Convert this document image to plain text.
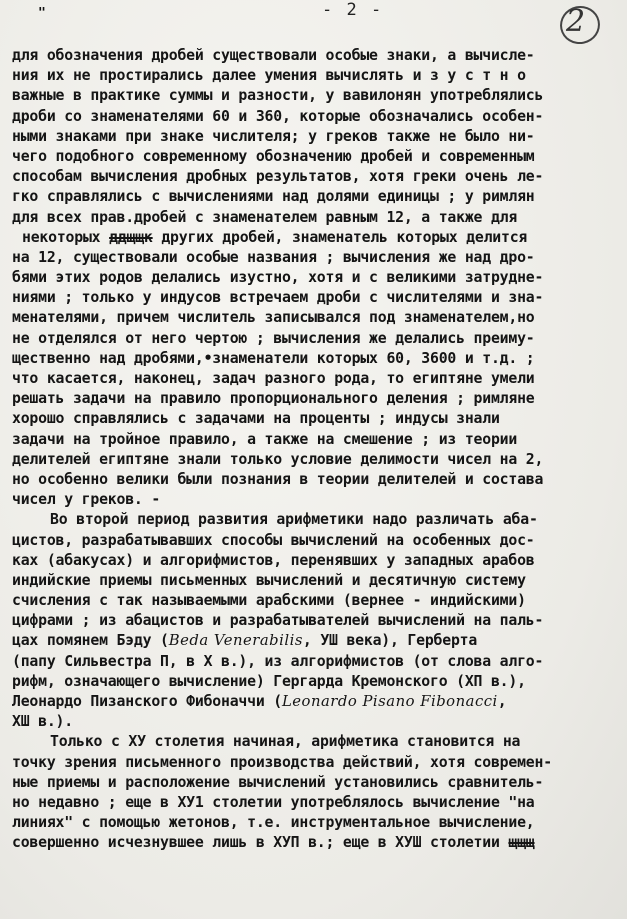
"	- 2 -	2
для обозначения дробей существовали особые знаки, а вычисле-
ния их не простирались далее умения вычислять и з у с т н о
важные в практике суммы и разности, у вавилонян употреблялись
дроби со знаменателями 60 и 360, которые обозначались особен-
ными знаками при знаке числителя; у греков также не было ни-
чего подобного современному обозначению дробей и современным
способам вычисления дробных результатов, хотя греки очень ле-
гко справлялись с вычислениями над долями единицы ; у римлян
для всех прав.дробей с знаменателем равным 12, а также для
некоторых ддщщк других дробей, знаменатель которых делится
на 12, существовали особые названия ; вычисления же над дро-
бями этих родов делались изустно, хотя и с великими затрудне-
ниями ; только у индусов встречаем дроби с числителями и зна-
менателями, причем числитель записывался под знаменателем,но
не отделялся от него чертою ; вычисления же делались преиму-
щественно над дробями,•знаменатели которых 60, 3600 и т.д. ;
что касается, наконец, задач разного рода, то египтяне умели
решать задачи на правило пропорционального деления ; римляне
хорошо справлялись с задачами на проценты ; индусы знали
задачи на тройное правило, а также на смешение ; из теории
делителей египтяне знали только условие делимости чисел на 2,
но особенно велики были познания в теории делителей и состава
чисел у греков. -
Во второй период развития арифметики надо различать аба-
цистов, разрабатывавших способы вычислений на особенных дос-
ках (абакусах) и алгорифмистов, перенявших у западных арабов
индийские приемы письменных вычислений и десятичную систему
счисления с так называемыми арабскими (вернее - индийскими)
цифрами ; из абацистов и разрабатывателей вычислений на паль-
цах помянем Бэду (Beda Venerabilis, УШ века), Герберта
(папу Сильвестра П, в X в.), из алгорифмистов (от слова алго-
рифм, означающего вычисление) Гергарда Кремонского (ХП в.),
Леонардо Пизанского Фибоначчи (Leonardo Pisano Fibonacci,
ХШ в.).
Только с ХУ столетия начиная, арифметика становится на
точку зрения письменного производства действий, хотя современ-
ные приемы и расположение вычислений установились сравнитель-
но недавно ; еще в ХУ1 столетии употреблялось вычисление "на
линиях" с помощью жетонов, т.е. инструментальное вычисление,
совершенно исчезнувшее лишь в ХУП в.; еще в ХУШ столетии щщщ
